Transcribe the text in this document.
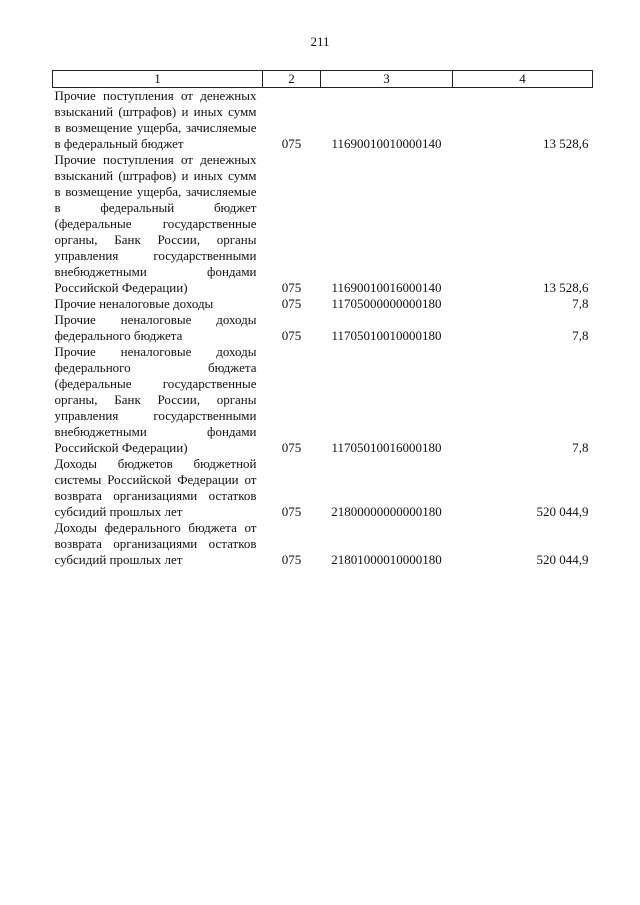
211
1	2	3	4
Прочие поступления от денежных взысканий (штрафов) и иных сумм в возмещение ущерба, зачисляемые в федеральный бюджет	075	11690010010000140	13 528,6
Прочие поступления от денежных взысканий (штрафов) и иных сумм в возмещение ущерба, зачисляемые в федеральный бюджет (федеральные государственные органы, Банк России, органы управления государственными внебюджетными фондами Российской Федерации)	075	11690010016000140	13 528,6
Прочие неналоговые доходы	075	11705000000000180	7,8
Прочие неналоговые доходы федерального бюджета	075	11705010010000180	7,8
Прочие неналоговые доходы федерального бюджета (федеральные государственные органы, Банк России, органы управления государственными внебюджетными фондами Российской Федерации)	075	11705010016000180	7,8
Доходы бюджетов бюджетной системы Российской Федерации от возврата организациями остатков субсидий прошлых лет	075	21800000000000180	520 044,9
Доходы федерального бюджета от возврата организациями остатков субсидий прошлых лет	075	21801000010000180	520 044,9
